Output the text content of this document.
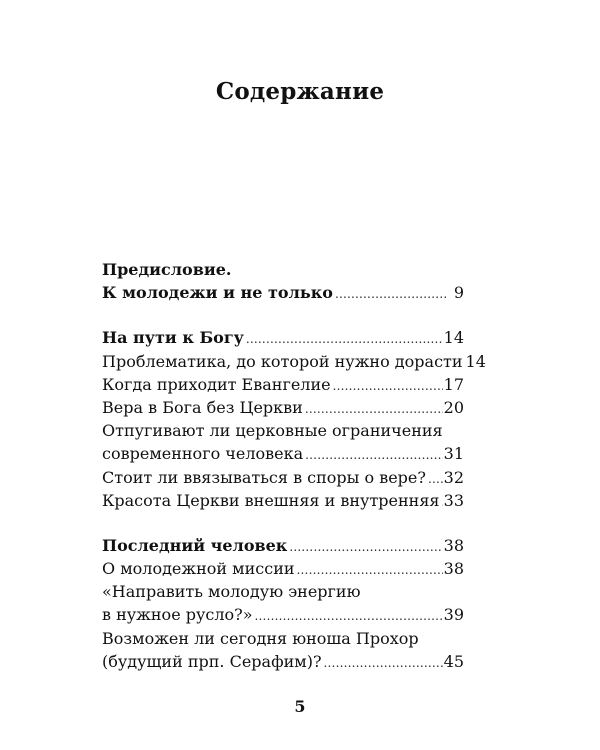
Содержание
Предисловие.
К молодежи и не только .....	9
На пути к Богу .....	14
Проблематика, до которой нужно дорасти 14
Когда приходит Евангелие .....	17
Вера в Бога без Церкви .....	20
Отпугивают ли церковные ограничения
современного человека .....	31
Стоит ли ввязываться в споры о вере? ..... 32
Красота Церкви внешняя и внутренняя ..... 33
Последний человек .....	38
О молодежной миссии .....	38
«Направить молодую энергию
в нужное русло?» .....	39
Возможен ли сегодня юноша Прохор
(будущий прп. Серафим)? .....	45
5
